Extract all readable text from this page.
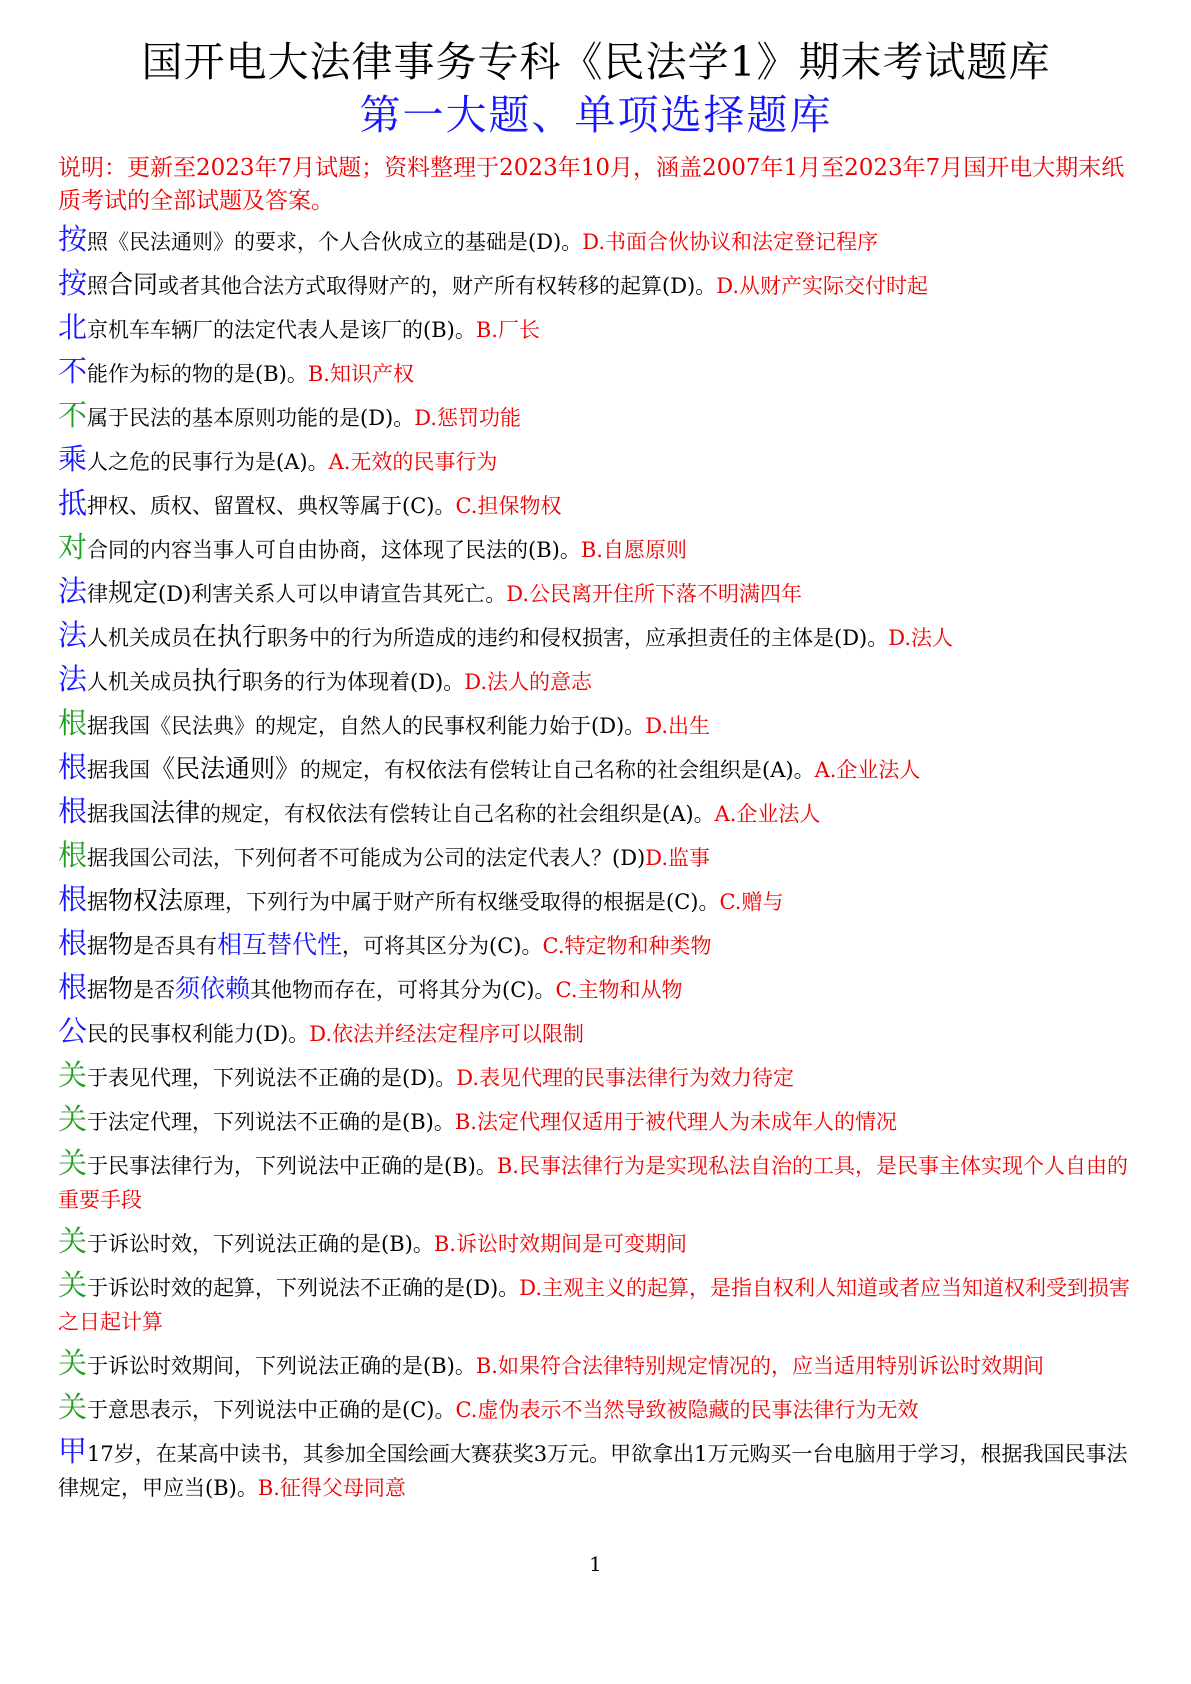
国开电大法律事务专科《民法学1》期末考试题库
第一大题、单项选择题库
说明：更新至2023年7月试题；资料整理于2023年10月，涵盖2007年1月至2023年7月国开电大期末纸质考试的全部试题及答案。
按照《民法通则》的要求，个人合伙成立的基础是(D)。D.书面合伙协议和法定登记程序
按照合同或者其他合法方式取得财产的，财产所有权转移的起算(D)。D.从财产实际交付时起
北京机车车辆厂的法定代表人是该厂的(B)。B.厂长
不能作为标的物的是(B)。B.知识产权
不属于民法的基本原则功能的是(D)。D.惩罚功能
乘人之危的民事行为是(A)。A.无效的民事行为
抵押权、质权、留置权、典权等属于(C)。C.担保物权
对合同的内容当事人可自由协商，这体现了民法的(B)。B.自愿原则
法律规定(D)利害关系人可以申请宣告其死亡。D.公民离开住所下落不明满四年
法人机关成员在执行职务中的行为所造成的违约和侵权损害，应承担责任的主体是(D)。D.法人
法人机关成员执行职务的行为体现着(D)。D.法人的意志
根据我国《民法典》的规定，自然人的民事权利能力始于(D)。D.出生
根据我国《民法通则》的规定，有权依法有偿转让自己名称的社会组织是(A)。A.企业法人
根据我国法律的规定，有权依法有偿转让自己名称的社会组织是(A)。A.企业法人
根据我国公司法，下列何者不可能成为公司的法定代表人？(D)D.监事
根据物权法原理，下列行为中属于财产所有权继受取得的根据是(C)。C.赠与
根据物是否具有相互替代性，可将其区分为(C)。C.特定物和种类物
根据物是否须依赖其他物而存在，可将其分为(C)。C.主物和从物
公民的民事权利能力(D)。D.依法并经法定程序可以限制
关于表见代理，下列说法不正确的是(D)。D.表见代理的民事法律行为效力待定
关于法定代理，下列说法不正确的是(B)。B.法定代理仅适用于被代理人为未成年人的情况
关于民事法律行为，下列说法中正确的是(B)。B.民事法律行为是实现私法自治的工具，是民事主体实现个人自由的重要手段
关于诉讼时效，下列说法正确的是(B)。B.诉讼时效期间是可变期间
关于诉讼时效的起算，下列说法不正确的是(D)。D.主观主义的起算，是指自权利人知道或者应当知道权利受到损害之日起计算
关于诉讼时效期间，下列说法正确的是(B)。B.如果符合法律特别规定情况的，应当适用特别诉讼时效期间
关于意思表示，下列说法中正确的是(C)。C.虚伪表示不当然导致被隐藏的民事法律行为无效
甲17岁，在某高中读书，其参加全国绘画大赛获奖3万元。甲欲拿出1万元购买一台电脑用于学习，根据我国民事法律规定，甲应当(B)。B.征得父母同意
1
